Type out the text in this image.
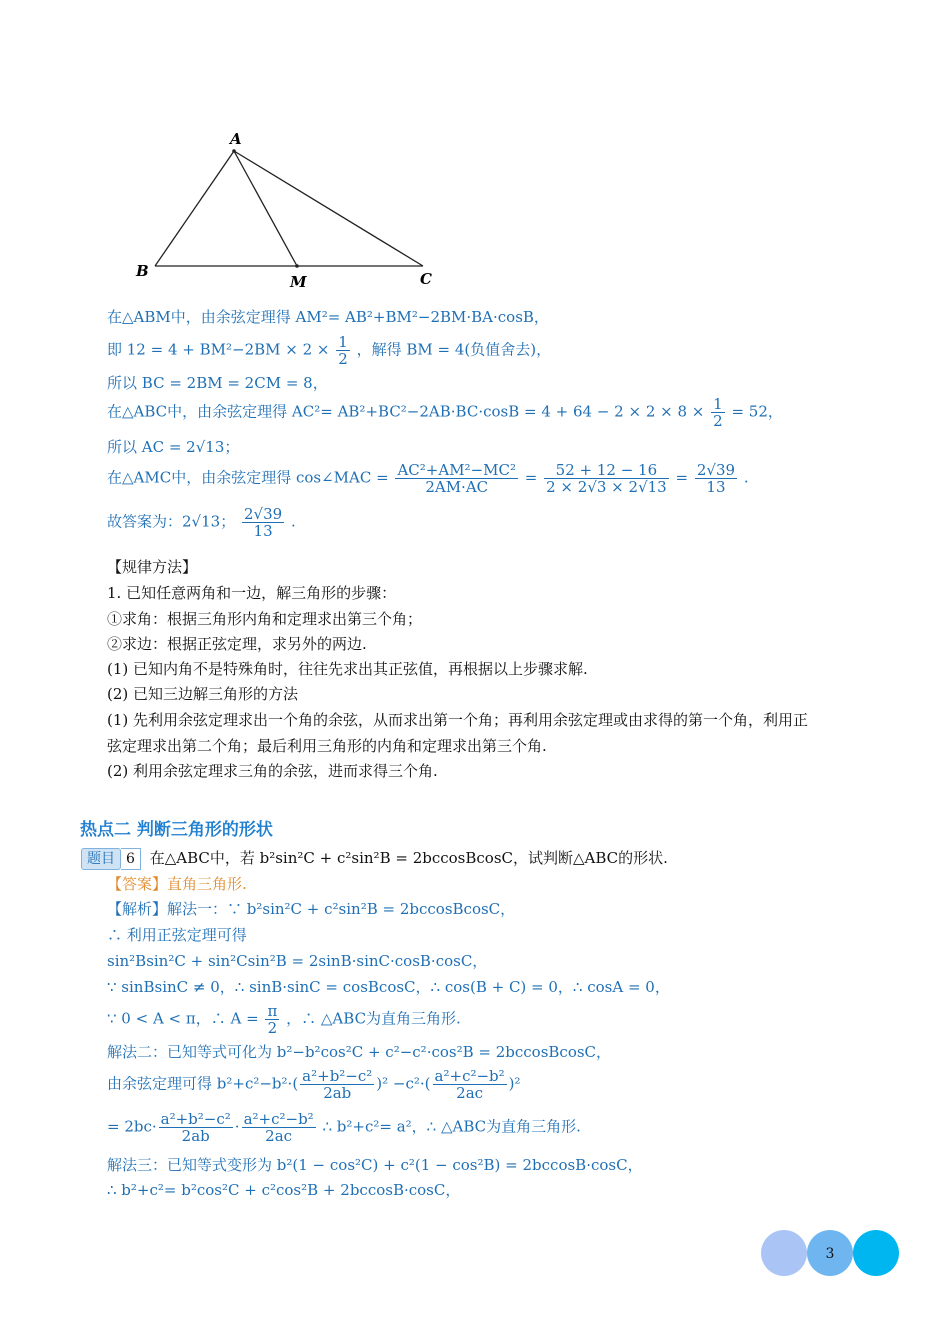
A
B
M	C
在△ABM中，由余弦定理得 AM²= AB²+BM²−2BM·BA·cosB，
即 $12 = 4 + BM^2-2BM \times 2 \times \frac{1}{2}$ ，解得 BM = 4(负值舍去)，
所以 BC = 2BM = 2CM = 8，
在△ABC中，由余弦定理得 $AC^2= AB^2+BC^2-2AB\cdot BC\cdot\cos B = 4 + 64 - 2 \times 2 \times 8 \times \frac{1}{2} = 52$，
所以 AC = 2√13；
在△AMC中，由余弦定理得 cos∠MAC = $\frac{\text{AC²+AM²−MC²}}{2AM\cdot AC} = \frac{52 + 12 - 16}{2 \times 2√3 \times 2√13} = \frac{2√39}{13}$ .
故答案为：2√13； $\frac{2√39}{13}$ .
【规律方法】
1. 已知任意两角和一边，解三角形的步骤：
①求角：根据三角形内角和定理求出第三个角；
②求边：根据正弦定理，求另外的两边.
(1) 已知内角不是特殊角时，往往先求出其正弦值，再根据以上步骤求解.
(2) 已知三边解三角形的方法
(1) 先利用余弦定理求出一个角的余弦，从而求出第一个角；再利用余弦定理或由求得的第一个角，利用正
弦定理求出第二个角；最后利用三角形的内角和定理求出第三个角.
(2) 利用余弦定理求三角的余弦，进而求得三个角.
热点二 判断三角形的形状
题目 6 在△ABC中，若 b²sin²C + c²sin²B = 2bccosBcosC，试判断△ABC的形状.
【答案】直角三角形.
【解析】解法一：∵ b²sin²C + c²sin²B = 2bccosBcosC，
∴ 利用正弦定理可得
sin²Bsin²C + sin²Csin²B = 2sinB·sinC·cosB·cosC，
∵ sinBsinC ≠ 0，∴ sinB·sinC = cosBcosC，∴ cos(B + C) = 0，∴ cosA = 0，
∵ 0 < A < π，∴ $A = \frac{\pi}{2}$ ，∴ △ABC为直角三角形.
解法二：已知等式可化为 b²−b²cos²C + c²−c²·cos²B = 2bccosBcosC，
由余弦定理可得 $b^2+c^2-b^2\cdot( \frac{\text{a²+b²−c²}}{2ab} )^2 -c^2\cdot( \frac{\text{a²+c²−b²}}{2ac} )^2$
= $2bc\cdot \frac{\text{a²+b²−c²}}{2ab} \cdot \frac{\text{a²+c²−b²}}{2ac}$ ∴ b²+c²= a²，∴ △ABC为直角三角形.
解法三：已知等式变形为 b²(1 − cos²C) + c²(1 − cos²B) = 2bccosB·cosC，
∴ b²+c²= b²cos²C + c²cos²B + 2bccosB·cosC，
3
